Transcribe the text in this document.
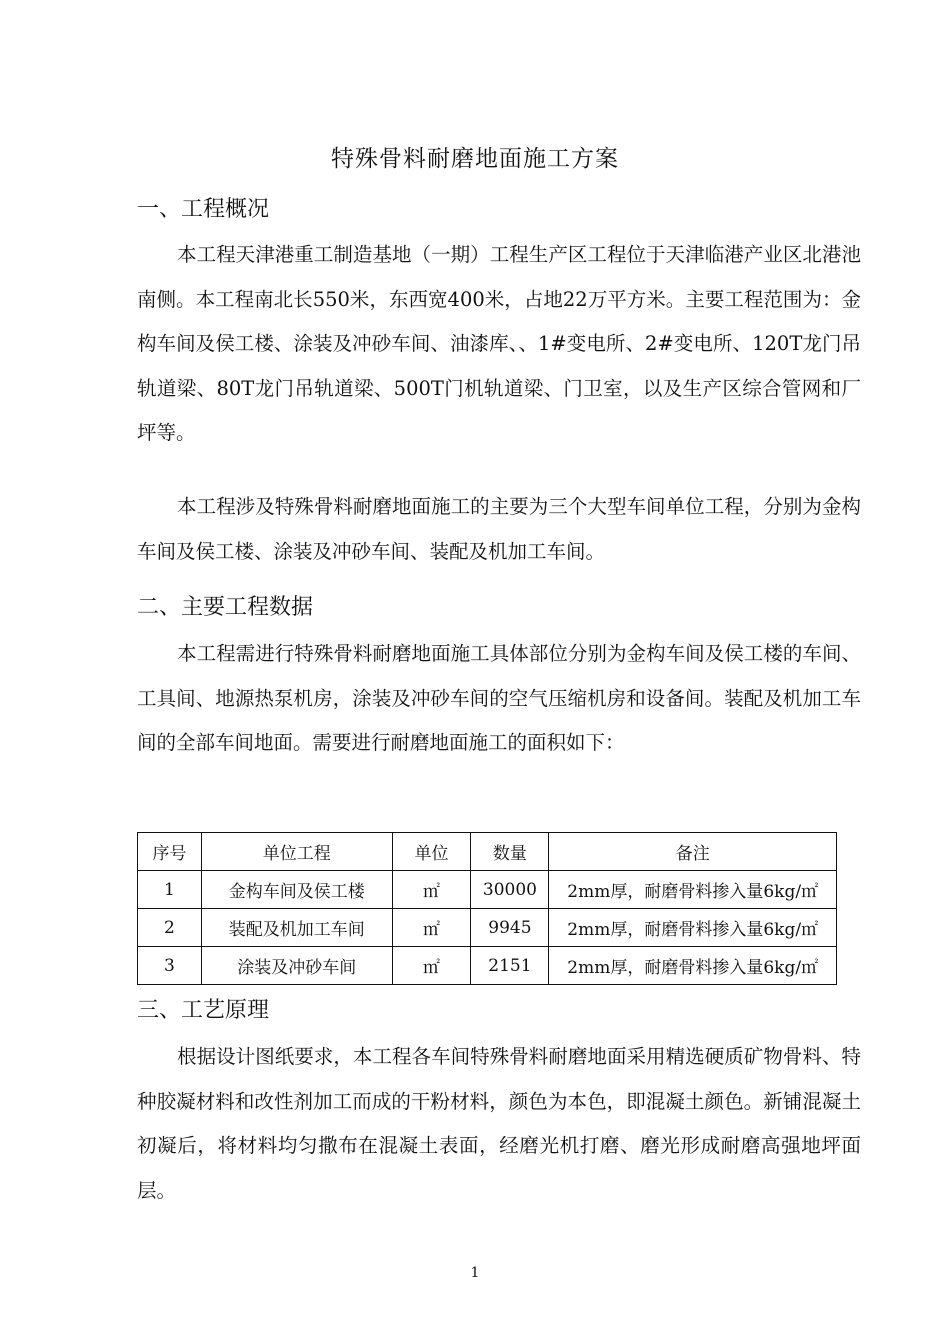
特殊骨料耐磨地面施工方案
一、工程概况

本工程天津港重工制造基地（一期）工程生产区工程位于天津临港产业区北港池南侧。本工程南北长550米，东西宽400米，占地22万平方米。主要工程范围为：金构车间及侯工楼、涂装及冲砂车间、油漆库、、1#变电所、2#变电所、120T龙门吊轨道梁、80T龙门吊轨道梁、500T门机轨道梁、门卫室，以及生产区综合管网和厂坪等。

本工程涉及特殊骨料耐磨地面施工的主要为三个大型车间单位工程，分别为金构车间及侯工楼、涂装及冲砂车间、装配及机加工车间。

二、主要工程数据

本工程需进行特殊骨料耐磨地面施工具体部位分别为金构车间及侯工楼的车间、工具间、地源热泵机房，涂装及冲砂车间的空气压缩机房和设备间。装配及机加工车间的全部车间地面。需要进行耐磨地面施工的面积如下：

序号	单位工程	单位	数量	备注
1	金构车间及侯工楼	㎡	30000	2mm厚，耐磨骨料掺入量6kg/㎡
2	装配及机加工车间	㎡	9945	2mm厚，耐磨骨料掺入量6kg/㎡
3	涂装及冲砂车间	㎡	2151	2mm厚，耐磨骨料掺入量6kg/㎡
三、工艺原理

根据设计图纸要求，本工程各车间特殊骨料耐磨地面采用精选硬质矿物骨料、特种胶凝材料和改性剂加工而成的干粉材料，颜色为本色，即混凝土颜色。新铺混凝土初凝后，将材料均匀撒布在混凝土表面，经磨光机打磨、磨光形成耐磨高强地坪面层。

1
